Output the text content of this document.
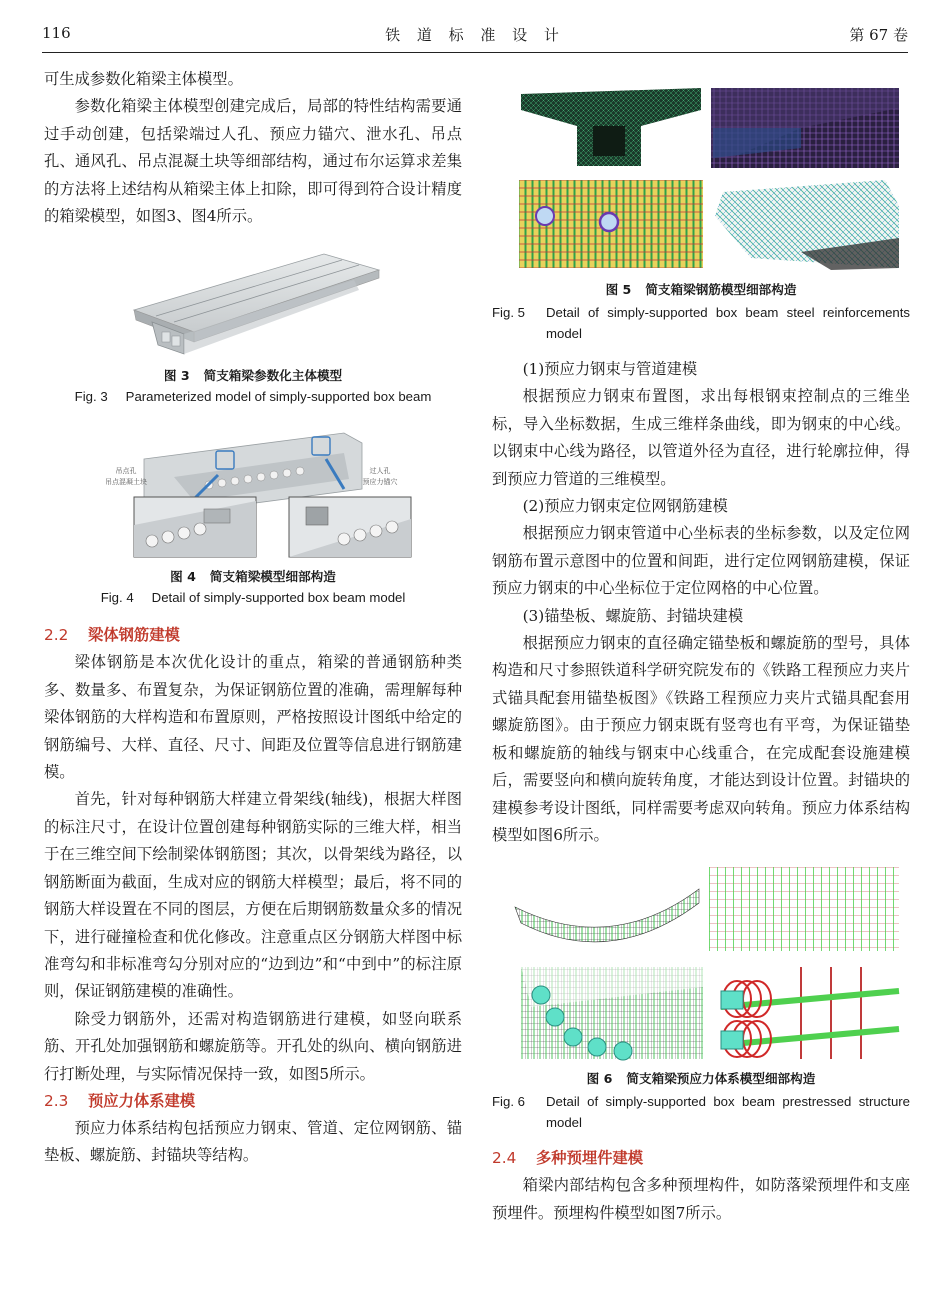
116	铁 道 标 准 设 计	第 67 卷

可生成参数化箱梁主体模型。

参数化箱梁主体模型创建完成后，局部的特性结构需要通过手动创建，包括梁端过人孔、预应力锚穴、泄水孔、吊点孔、通风孔、吊点混凝土块等细部结构，通过布尔运算求差集的方法将上述结构从箱梁主体上扣除，即可得到符合设计精度的箱梁模型，如图3、图4所示。

图 3 简支箱梁参数化主体模型
Fig. 3 Parameterized model of simply-supported box beam
吊点孔
吊点混凝土块
过人孔
预应力锚穴
图 4 简支箱梁模型细部构造
Fig. 4 Detail of simply-supported box beam model
2.2 梁体钢筋建模

梁体钢筋是本次优化设计的重点，箱梁的普通钢筋种类多、数量多、布置复杂，为保证钢筋位置的准确，需理解每种梁体钢筋的大样构造和布置原则，严格按照设计图纸中给定的钢筋编号、大样、直径、尺寸、间距及位置等信息进行钢筋建模。

首先，针对每种钢筋大样建立骨架线(轴线)，根据大样图的标注尺寸，在设计位置创建每种钢筋实际的三维大样，相当于在三维空间下绘制梁体钢筋图；其次，以骨架线为路径，以钢筋断面为截面，生成对应的钢筋大样模型；最后，将不同的钢筋大样设置在不同的图层，方便在后期钢筋数量众多的情况下，进行碰撞检查和优化修改。注意重点区分钢筋大样图中标准弯勾和非标准弯勾分别对应的“边到边”和“中到中”的标注原则，保证钢筋建模的准确性。

除受力钢筋外，还需对构造钢筋进行建模，如竖向联系筋、开孔处加强钢筋和螺旋筋等。开孔处的纵向、横向钢筋进行打断处理，与实际情况保持一致，如图5所示。

2.3 预应力体系建模

预应力体系结构包括预应力钢束、管道、定位网钢筋、锚垫板、螺旋筋、封锚块等结构。

图 5 简支箱梁钢筋模型细部构造
Fig. 5 Detail of simply-supported box beam steel reinforcements model

(1)预应力钢束与管道建模

根据预应力钢束布置图，求出每根钢束控制点的三维坐标，导入坐标数据，生成三维样条曲线，即为钢束的中心线。以钢束中心线为路径，以管道外径为直径，进行轮廓拉伸，得到预应力管道的三维模型。

(2)预应力钢束定位网钢筋建模

根据预应力钢束管道中心坐标表的坐标参数，以及定位网钢筋布置示意图中的位置和间距，进行定位网钢筋建模，保证预应力钢束的中心坐标位于定位网格的中心位置。

(3)锚垫板、螺旋筋、封锚块建模

根据预应力钢束的直径确定锚垫板和螺旋筋的型号，具体构造和尺寸参照铁道科学研究院发布的《铁路工程预应力夹片式锚具配套用锚垫板图》《铁路工程预应力夹片式锚具配套用螺旋筋图》。由于预应力钢束既有竖弯也有平弯，为保证锚垫板和螺旋筋的轴线与钢束中心线重合，在完成配套设施建模后，需要竖向和横向旋转角度，才能达到设计位置。封锚块的建模参考设计图纸，同样需要考虑双向转角。预应力体系结构模型如图6所示。

图 6 简支箱梁预应力体系模型细部构造
Fig. 6 Detail of simply-supported box beam prestressed structure model
2.4 多种预埋件建模

箱梁内部结构包含多种预埋构件，如防落梁预埋件和支座预埋件。预埋构件模型如图7所示。
